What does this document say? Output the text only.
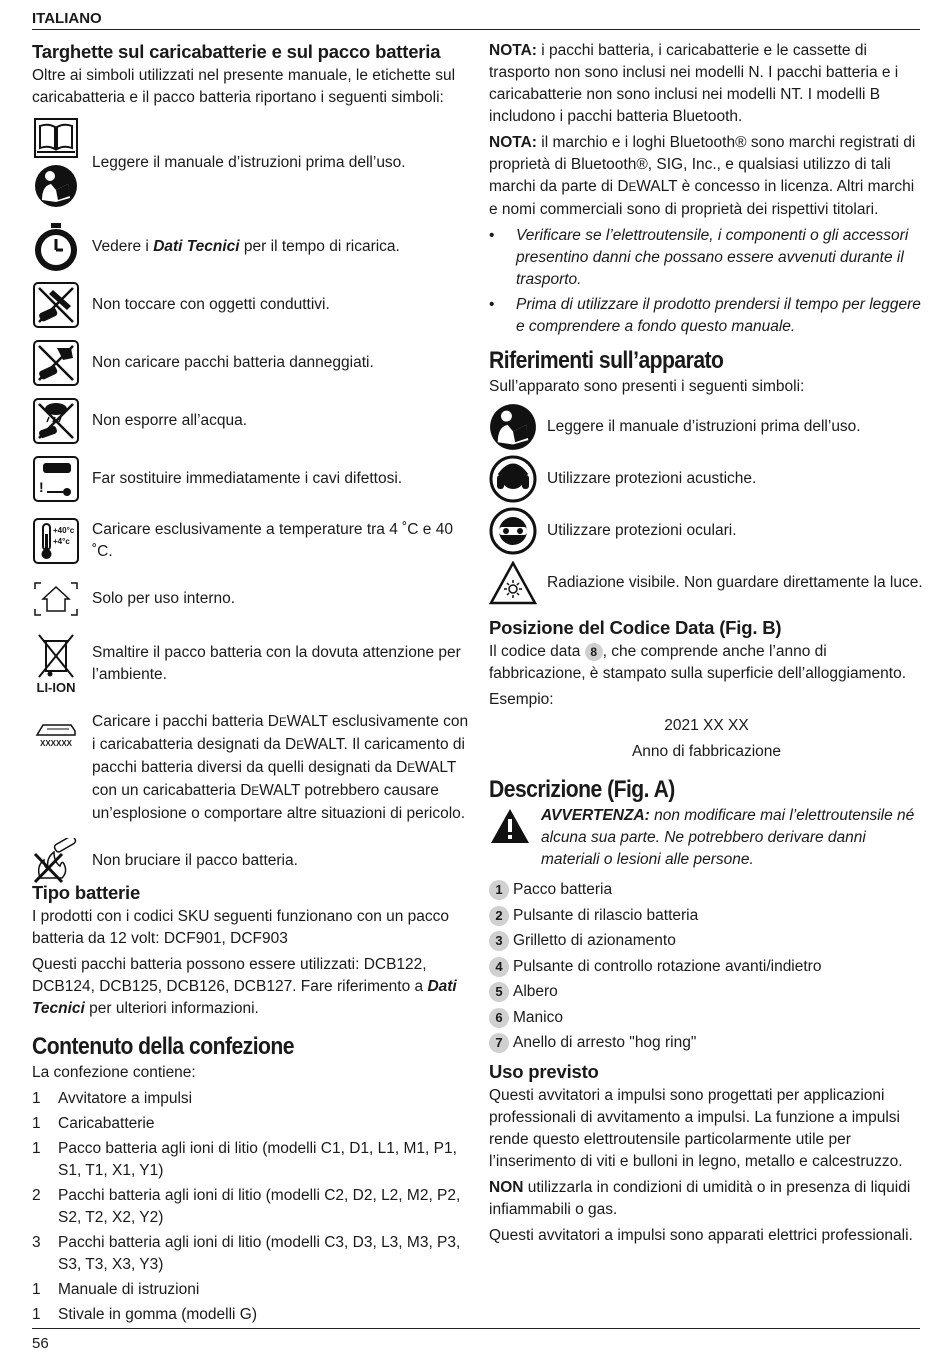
ITALIANO
Targhette sul caricabatterie e sul pacco batteria

Oltre ai simboli utilizzati nel presente manuale, le etichette sul caricabatteria e il pacco batteria riportano i seguenti simboli:

Leggere il manuale d’istruzioni prima dell’uso.
Vedere i Dati Tecnici per il tempo di ricarica.
Non toccare con oggetti conduttivi.
Non caricare pacchi batteria danneggiati.
Non esporre all’acqua.
!	Far sostituire immediatamente i cavi difettosi.
+40°c
+4°c
Caricare esclusivamente a temperature tra 4 ˚C e 40 ˚C.
Solo per uso interno.
LI-ION
Smaltire il pacco batteria con la dovuta attenzione per l’ambiente.
XXXXXX
Caricare i pacchi batteria DEWALT esclusivamente con i caricabatteria designati da DEWALT. Il caricamento di pacchi batteria diversi da quelli designati da DEWALT con un caricabatteria DEWALT potrebbero causare un’esplosione o comportare altre situazioni di pericolo.
Non bruciare il pacco batteria.
Tipo batterie

I prodotti con i codici SKU seguenti funzionano con un pacco batteria da 12 volt: DCF901, DCF903

Questi pacchi batteria possono essere utilizzati: DCB122, DCB124, DCB125, DCB126, DCB127. Fare riferimento a Dati Tecnici per ulteriori informazioni.

Contenuto della confezione

La confezione contiene:

1	Avvitatore a impulsi
1	Caricabatterie
1	Pacco batteria agli ioni di litio (modelli C1, D1, L1, M1, P1, S1, T1, X1, Y1)
2	Pacchi batteria agli ioni di litio (modelli C2, D2, L2, M2, P2, S2, T2, X2, Y2)
3	Pacchi batteria agli ioni di litio (modelli C3, D3, L3, M3, P3, S3, T3, X3, Y3)
1	Manuale di istruzioni
1	Stivale in gomma (modelli G)

NOTA: i pacchi batteria, i caricabatterie e le cassette di trasporto non sono inclusi nei modelli N. I pacchi batteria e i caricabatterie non sono inclusi nei modelli NT. I modelli B includono i pacchi batteria Bluetooth.

NOTA: il marchio e i loghi Bluetooth® sono marchi registrati di proprietà di Bluetooth®, SIG, Inc., e qualsiasi utilizzo di tali marchi da parte di DEWALT è concesso in licenza. Altri marchi e nomi commerciali sono di proprietà dei rispettivi titolari.

• Verificare se l’elettroutensile, i componenti o gli accessori presentino danni che possano essere avvenuti durante il trasporto.
• Prima di utilizzare il prodotto prendersi il tempo per leggere e comprendere a fondo questo manuale.
Riferimenti sull’apparato

Sull’apparato sono presenti i seguenti simboli:

Leggere il manuale d’istruzioni prima dell’uso.
Utilizzare protezioni acustiche.
Utilizzare protezioni oculari.
Radiazione visibile. Non guardare direttamente la luce.
Posizione del Codice Data (Fig. B)

Il codice data 8 , che comprende anche l’anno di fabbricazione, è stampato sulla superficie dell’alloggiamento.

Esempio:

2021 XX XX

Anno di fabbricazione

Descrizione (Fig. A)

AVVERTENZA: non modificare mai l’elettroutensile né alcuna sua parte. Ne potrebbero derivare danni materiali o lesioni alle persone.

1 Pacco batteria
2 Pulsante di rilascio batteria
3 Grilletto di azionamento
4 Pulsante di controllo rotazione avanti/indietro
5 Albero
6 Manico
7 Anello di arresto "hog ring"
Uso previsto

Questi avvitatori a impulsi sono progettati per applicazioni professionali di avvitamento a impulsi. La funzione a impulsi rende questo elettroutensile particolarmente utile per l’inserimento di viti e bulloni in legno, metallo e calcestruzzo.

NON utilizzarla in condizioni di umidità o in presenza di liquidi infiammabili o gas.

Questi avvitatori a impulsi sono apparati elettrici professionali.

56
